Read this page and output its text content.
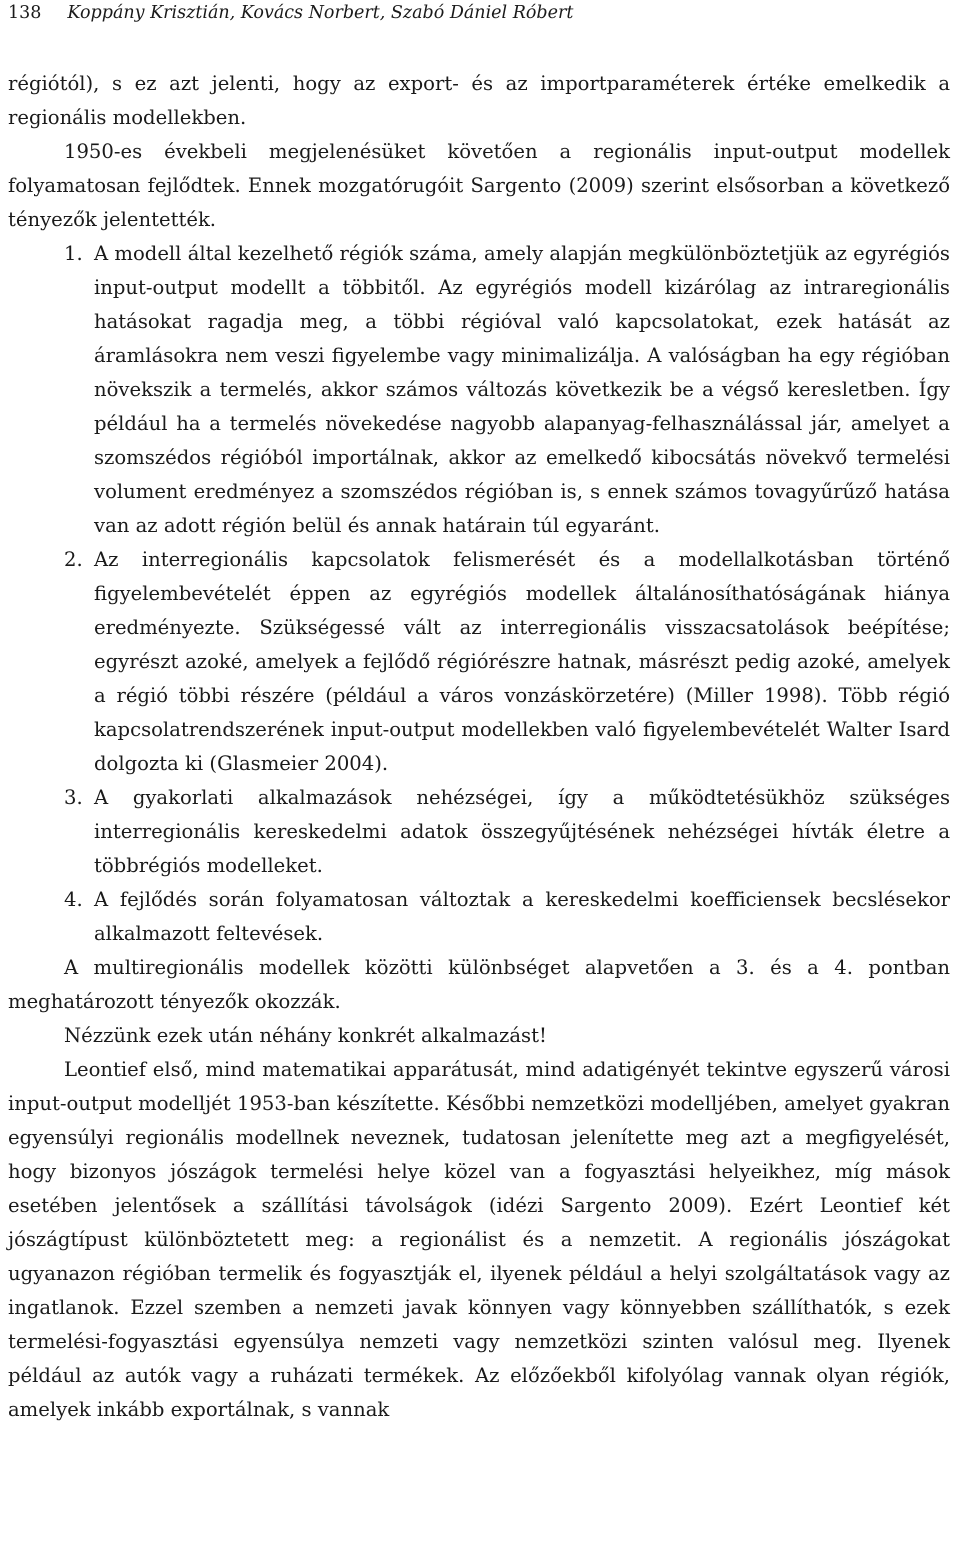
138 Koppány Krisztián, Kovács Norbert, Szabó Dániel Róbert

régiótól), s ez azt jelenti, hogy az export- és az importparaméterek értéke emelkedik a regionális modellekben.

1950-es évekbeli megjelenésüket követően a regionális input-output modellek folyamatosan fejlődtek. Ennek mozgatórugóit Sargento (2009) szerint elsősorban a következő tényezők jelentették.

1. A modell által kezelhető régiók száma, amely alapján megkülönböztetjük az egyrégiós input-output modellt a többitől. Az egyrégiós modell kizárólag az intraregionális hatásokat ragadja meg, a többi régióval való kapcsolatokat, ezek hatását az áramlásokra nem veszi figyelembe vagy minimalizálja. A valóságban ha egy régióban növekszik a termelés, akkor számos változás következik be a végső keresletben. Így például ha a termelés növekedése nagyobb alapanyag-felhasználással jár, amelyet a szomszédos régióból importálnak, akkor az emelkedő kibocsátás növekvő termelési volument eredményez a szomszédos régióban is, s ennek számos tovagyűrűző hatása van az adott régión belül és annak határain túl egyaránt.
2. Az interregionális kapcsolatok felismerését és a modellalkotásban történő figyelembevételét éppen az egyrégiós modellek általánosíthatóságának hiánya eredményezte. Szükségessé vált az interregionális visszacsatolások beépítése; egyrészt azoké, amelyek a fejlődő régiórészre hatnak, másrészt pedig azoké, amelyek a régió többi részére (például a város vonzáskörzetére) (Miller 1998). Több régió kapcsolatrendszerének input-output modellekben való figyelembevételét Walter Isard dolgozta ki (Glasmeier 2004).
3. A gyakorlati alkalmazások nehézségei, így a működtetésükhöz szükséges interregionális kereskedelmi adatok összegyűjtésének nehézségei hívták életre a többrégiós modelleket.
4. A fejlődés során folyamatosan változtak a kereskedelmi koefficiensek becslésekor alkalmazott feltevések.

A multiregionális modellek közötti különbséget alapvetően a 3. és a 4. pontban meghatározott tényezők okozzák.

Nézzünk ezek után néhány konkrét alkalmazást!

Leontief első, mind matematikai apparátusát, mind adatigényét tekintve egyszerű városi input-output modelljét 1953-ban készítette. Későbbi nemzetközi modelljében, amelyet gyakran egyensúlyi regionális modellnek neveznek, tudatosan jelenítette meg azt a megfigyelését, hogy bizonyos jószágok termelési helye közel van a fogyasztási helyeikhez, míg mások esetében jelentősek a szállítási távolságok (idézi Sargento 2009). Ezért Leontief két jószágtípust különböztetett meg: a regionálist és a nemzetit. A regionális jószágokat ugyanazon régióban termelik és fogyasztják el, ilyenek például a helyi szolgáltatások vagy az ingatlanok. Ezzel szemben a nemzeti javak könnyen vagy könnyebben szállíthatók, s ezek termelési-fogyasztási egyensúlya nemzeti vagy nemzetközi szinten valósul meg. Ilyenek például az autók vagy a ruházati termékek. Az előzőekből kifolyólag vannak olyan régiók, amelyek inkább exportálnak, s vannak
